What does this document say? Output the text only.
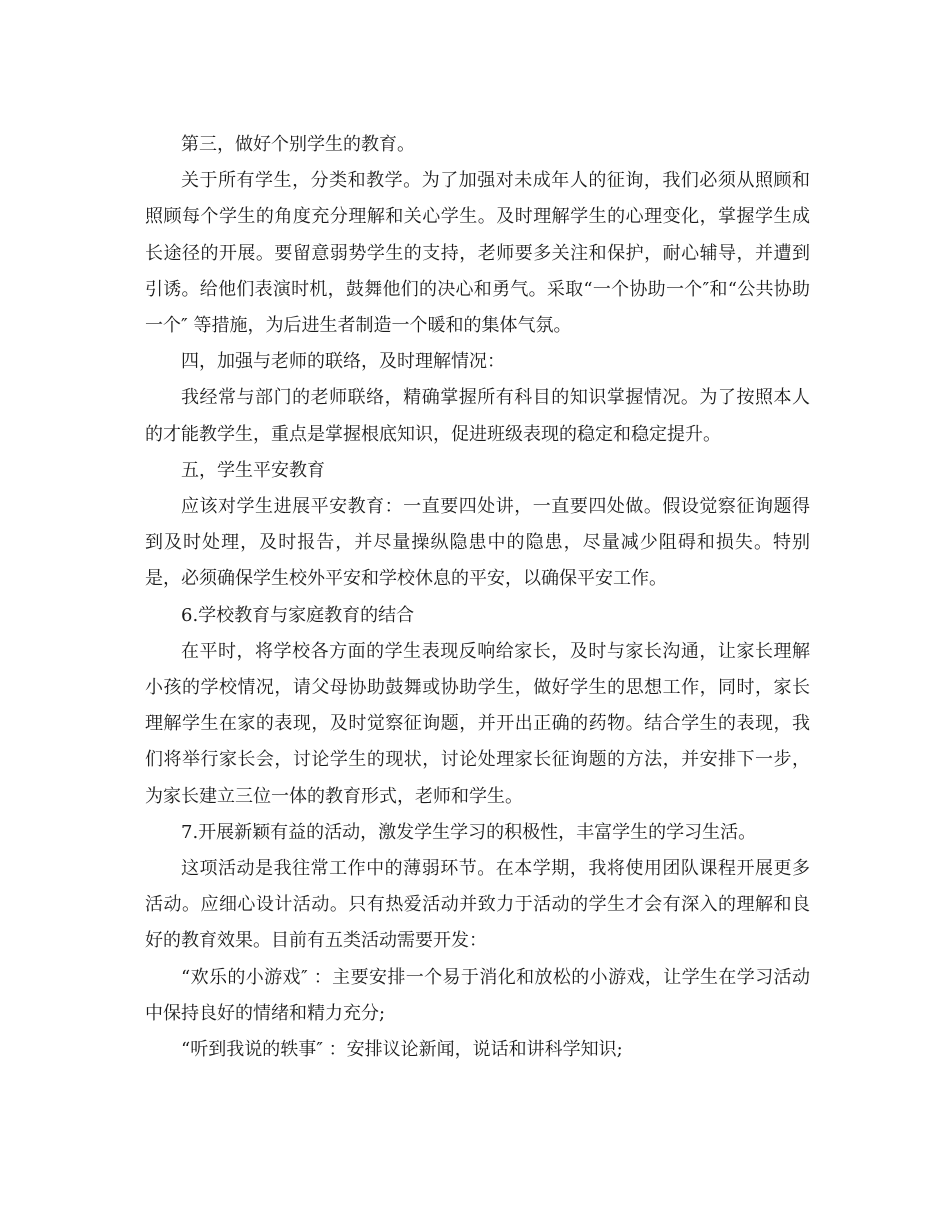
第三，做好个别学生的教育。

关于所有学生，分类和教学。为了加强对未成年人的征询，我们必须从照顾和照顾每个学生的角度充分理解和关心学生。及时理解学生的心理变化，掌握学生成长途径的开展。要留意弱势学生的支持，老师要多关注和保护，耐心辅导，并遭到引诱。给他们表演时机，鼓舞他们的决心和勇气。采取“一个协助一个″和“公共协助一个″ 等措施，为后进生者制造一个暖和的集体气氛。

四，加强与老师的联络，及时理解情况：

我经常与部门的老师联络，精确掌握所有科目的知识掌握情况。为了按照本人的才能教学生，重点是掌握根底知识，促进班级表现的稳定和稳定提升。

五，学生平安教育

应该对学生进展平安教育：一直要四处讲，一直要四处做。假设觉察征询题得到及时处理，及时报告，并尽量操纵隐患中的隐患，尽量减少阻碍和损失。特别是，必须确保学生校外平安和学校休息的平安，以确保平安工作。

6.学校教育与家庭教育的结合

在平时，将学校各方面的学生表现反响给家长，及时与家长沟通，让家长理解小孩的学校情况，请父母协助鼓舞或协助学生，做好学生的思想工作，同时，家长理解学生在家的表现，及时觉察征询题，并开出正确的药物。结合学生的表现，我们将举行家长会，讨论学生的现状，讨论处理家长征询题的方法，并安排下一步，为家长建立三位一体的教育形式，老师和学生。

7.开展新颖有益的活动，激发学生学习的积极性，丰富学生的学习生活。

这项活动是我往常工作中的薄弱环节。在本学期，我将使用团队课程开展更多活动。应细心设计活动。只有热爱活动并致力于活动的学生才会有深入的理解和良好的教育效果。目前有五类活动需要开发：

“欢乐的小游戏″ ：主要安排一个易于消化和放松的小游戏，让学生在学习活动中保持良好的情绪和精力充分;

“听到我说的轶事″ ：安排议论新闻，说话和讲科学知识;
